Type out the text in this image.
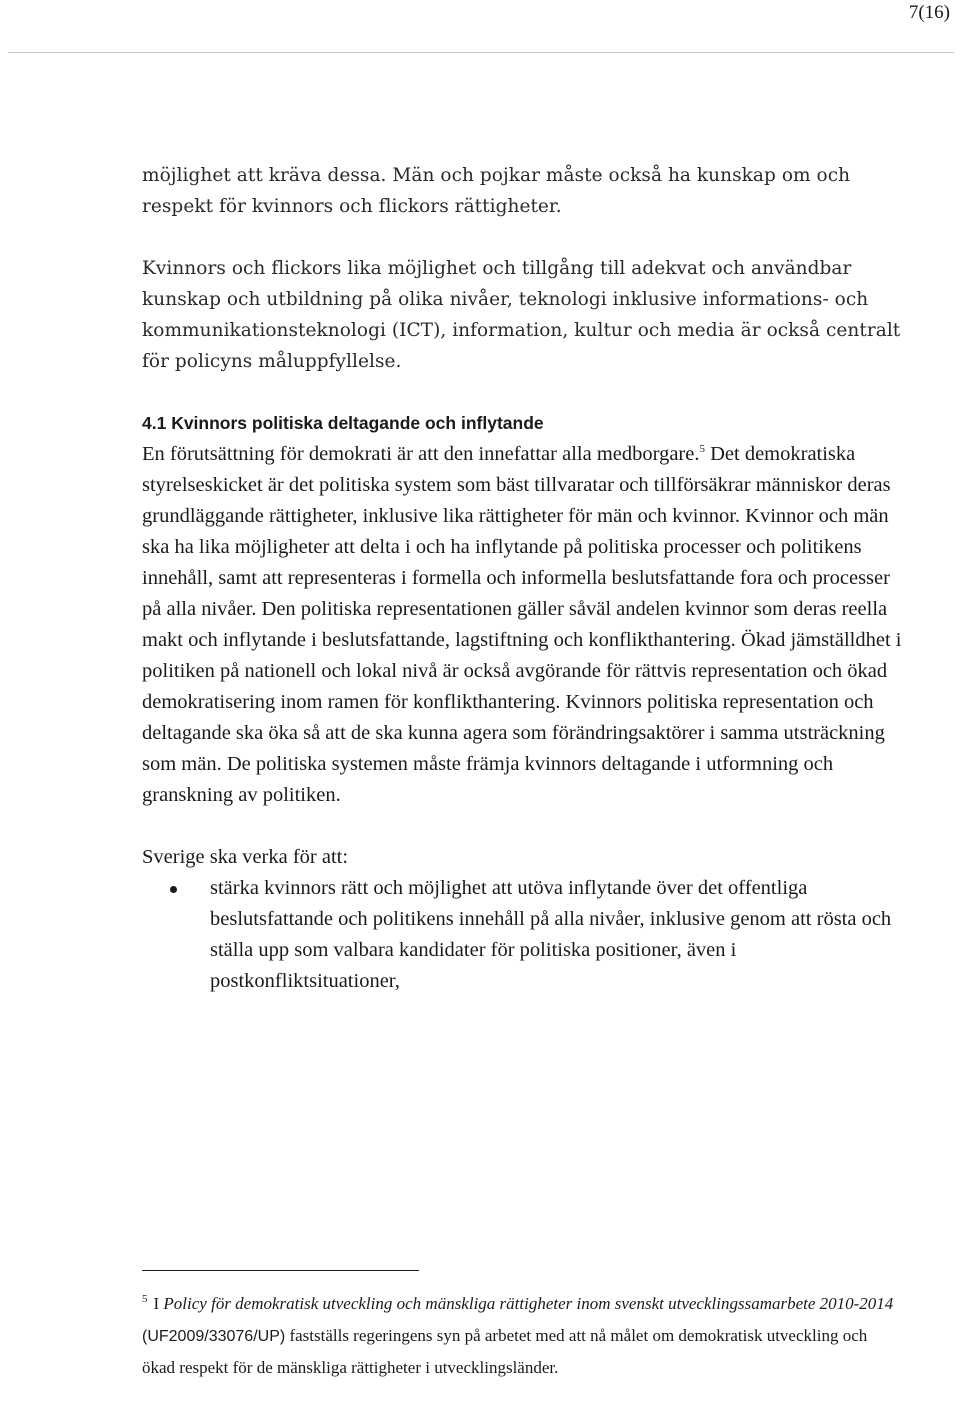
7(16)

möjlighet att kräva dessa. Män och pojkar måste också ha kunskap om och respekt för kvinnors och flickors rättigheter.

Kvinnors och flickors lika möjlighet och tillgång till adekvat och användbar kunskap och utbildning på olika nivåer, teknologi inklusive informations- och kommunikationsteknologi (ICT), information, kultur och media är också centralt för policyns måluppfyllelse.

4.1 Kvinnors politiska deltagande och inflytande

En förutsättning för demokrati är att den innefattar alla medborgare.$^5$ Det demokratiska styrelseskicket är det politiska system som bäst tillvaratar och tillförsäkrar människor deras grundläggande rättigheter, inklusive lika rättigheter för män och kvinnor. Kvinnor och män ska ha lika möjligheter att delta i och ha inflytande på politiska processer och politikens innehåll, samt att representeras i formella och informella beslutsfattande fora och processer på alla nivåer. Den politiska representationen gäller såväl andelen kvinnor som deras reella makt och inflytande i beslutsfattande, lagstiftning och konflikthantering. Ökad jämställdhet i politiken på nationell och lokal nivå är också avgörande för rättvis representation och ökad demokratisering inom ramen för konflikthantering. Kvinnors politiska representation och deltagande ska öka så att de ska kunna agera som förändringsaktörer i samma utsträckning som män. De politiska systemen måste främja kvinnors deltagande i utformning och granskning av politiken.

Sverige ska verka för att:

stärka kvinnors rätt och möjlighet att utöva inflytande över det offentliga beslutsfattande och politikens innehåll på alla nivåer, inklusive genom att rösta och ställa upp som valbara kandidater för politiska positioner, även i postkonfliktsituationer,
$^5$ I Policy för demokratisk utveckling och mänskliga rättigheter inom svenskt utvecklingssamarbete 2010-2014 (UF2009/33076/UP) fastställs regeringens syn på arbetet med att nå målet om demokratisk utveckling och ökad respekt för de mänskliga rättigheter i utvecklingsländer.
